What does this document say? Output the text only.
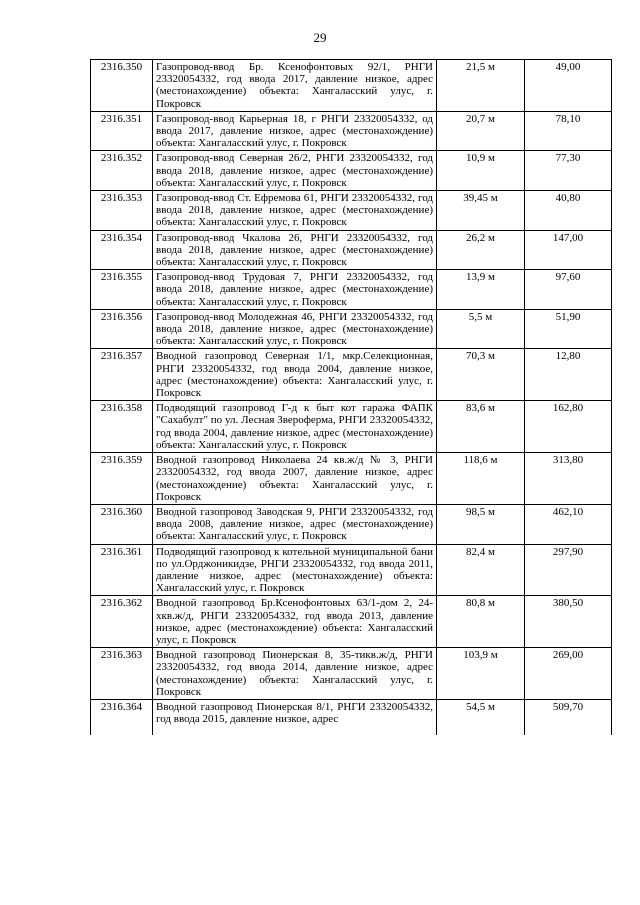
29
2316.350	Газопровод-ввод Бр. Ксенофонтовых 92/1, РНГИ 23320054332, год ввода 2017, давление низкое, адрес (местонахождение) объекта: Хангаласский улус, г. Покровск	21,5 м	49,00
2316.351	Газопровод-ввод Карьерная 18, г РНГИ 23320054332, од ввода 2017, давление низкое, адрес (местонахождение) объекта: Хангаласский улус, г. Покровск	20,7 м	78,10
2316.352	Газопровод-ввод Северная 26/2, РНГИ 23320054332, год ввода 2018, давление низкое, адрес (местонахождение) объекта: Хангаласский улус, г. Покровск	10,9 м	77,30
2316.353	Газопровод-ввод Ст. Ефремова 61, РНГИ 23320054332, год ввода 2018, давление низкое, адрес (местонахождение) объекта: Хангаласский улус, г. Покровск	39,45 м	40,80
2316.354	Газопровод-ввод Чкалова 26, РНГИ 23320054332, год ввода 2018, давление низкое, адрес (местонахождение) объекта: Хангаласский улус, г. Покровск	26,2 м	147,00
2316.355	Газопровод-ввод Трудовая 7, РНГИ 23320054332, год ввода 2018, давление низкое, адрес (местонахождение) объекта: Хангаласский улус, г. Покровск	13,9 м	97,60
2316.356	Газопровод-ввод Молодежная 46, РНГИ 23320054332, год ввода 2018, давление низкое, адрес (местонахождение) объекта: Хангаласский улус, г. Покровск	5,5 м	51,90
2316.357	Вводной газопровод Северная 1/1, мкр.Селекционная, РНГИ 23320054332, год ввода 2004, давление низкое, адрес (местонахождение) объекта: Хангаласский улус, г. Покровск	70,3 м	12,80
2316.358	Подводящий газопровод Г-д к быт кот гаража ФАПК "Сахабулт" по ул. Лесная Звероферма, РНГИ 23320054332, год ввода 2004, давление низкое, адрес (местонахождение) объекта: Хангаласский улус, г. Покровск	83,6 м	162,80
2316.359	Вводной газопровод Николаева 24 кв.ж/д № 3, РНГИ 23320054332, год ввода 2007, давление низкое, адрес (местонахождение) объекта: Хангаласский улус, г. Покровск	118,6 м	313,80
2316.360	Вводной газопровод Заводская 9, РНГИ 23320054332, год ввода 2008, давление низкое, адрес (местонахождение) объекта: Хангаласский улус, г. Покровск	98,5 м	462,10
2316.361	Подводящий газопровод к котельной муниципальной бани по ул.Орджоникидзе, РНГИ 23320054332, год ввода 2011, давление низкое, адрес (местонахождение) объекта: Хангаласский улус, г. Покровск	82,4 м	297,90
2316.362	Вводной газопровод Бр.Ксенофонтовых 63/1-дом 2, 24-хкв.ж/д, РНГИ 23320054332, год ввода 2013, давление низкое, адрес (местонахождение) объекта: Хангаласский улус, г. Покровск	80,8 м	380,50
2316.363	Вводной газопровод Пионерская 8, 35-тикв.ж/д, РНГИ 23320054332, год ввода 2014, давление низкое, адрес (местонахождение) объекта: Хангаласский улус, г. Покровск	103,9 м	269,00
2316.364	Вводной газопровод Пионерская 8/1, РНГИ 23320054332, год ввода 2015, давление низкое, адрес	54,5 м	509,70
